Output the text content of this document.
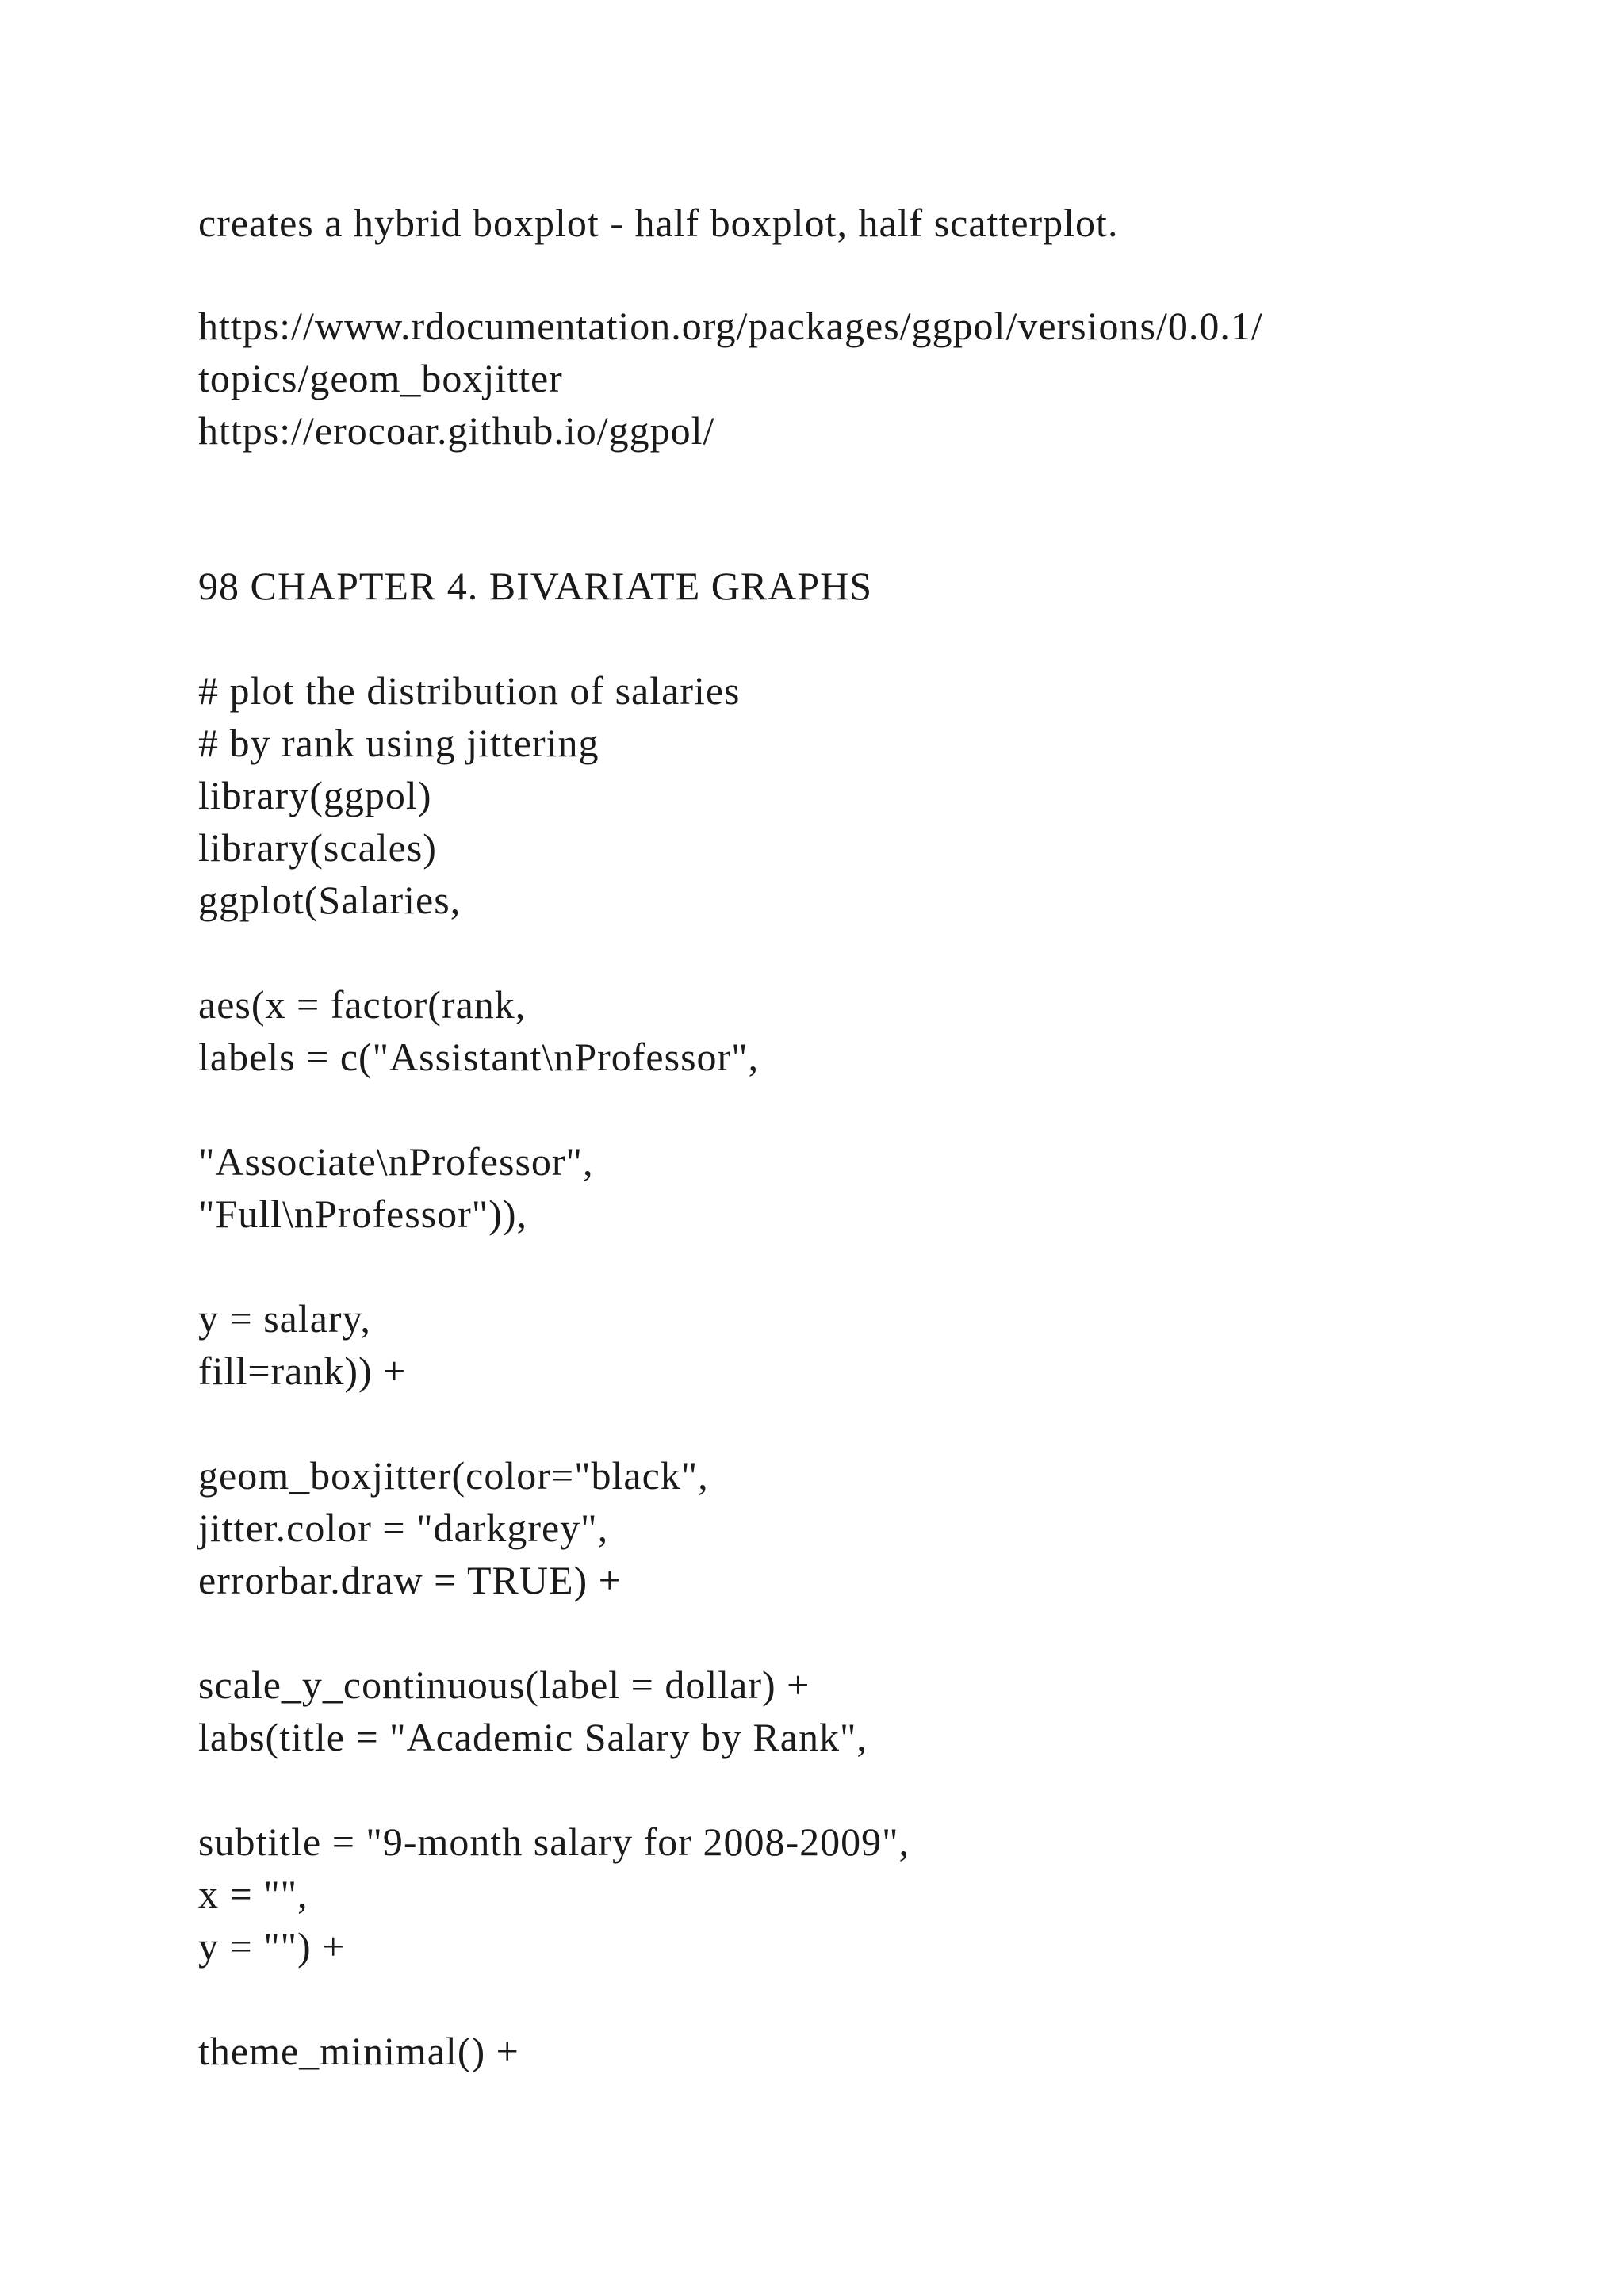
creates a hybrid boxplot - half boxplot, half scatterplot.
https://www.rdocumentation.org/packages/ggpol/versions/0.0.1/
topics/geom_boxjitter
https://erocoar.github.io/ggpol/
98 CHAPTER 4. BIVARIATE GRAPHS
# plot the distribution of salaries
# by rank using jittering
library(ggpol)
library(scales)
ggplot(Salaries,
aes(x = factor(rank,
labels = c("Assistant\nProfessor",
"Associate\nProfessor",
"Full\nProfessor")),
y = salary,
fill=rank)) +
geom_boxjitter(color="black",
jitter.color = "darkgrey",
errorbar.draw = TRUE) +
scale_y_continuous(label = dollar) +
labs(title = "Academic Salary by Rank",
subtitle = "9-month salary for 2008-2009",
x = "",
y = "") +
theme_minimal() +
